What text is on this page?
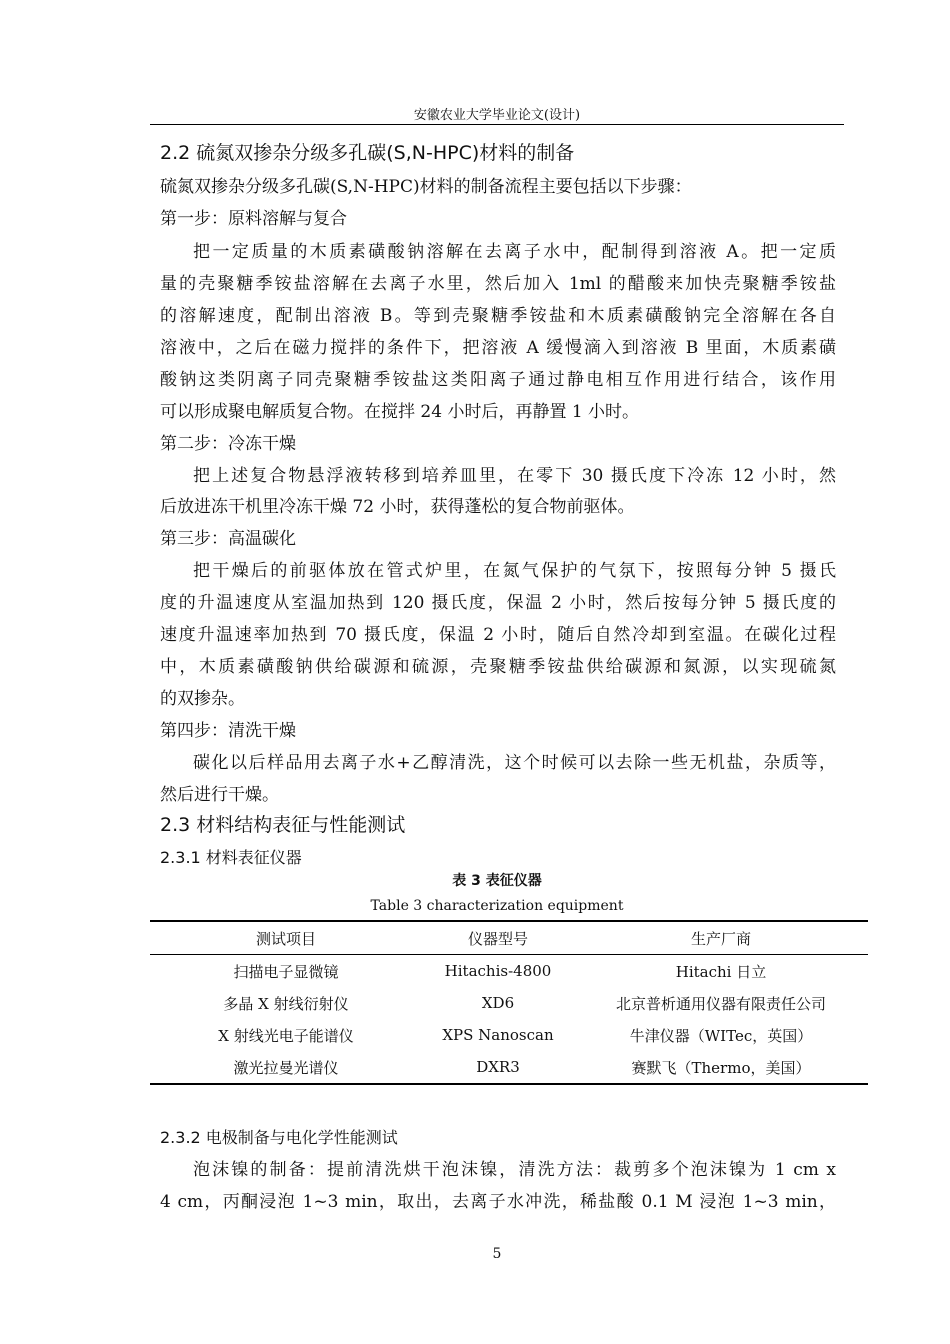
安徽农业大学毕业论文(设计)
2.2 硫氮双掺杂分级多孔碳(S,N-HPC)材料的制备
硫氮双掺杂分级多孔碳(S,N-HPC)材料的制备流程主要包括以下步骤：
第一步：原料溶解与复合
把一定质量的木质素磺酸钠溶解在去离子水中，配制得到溶液 A。把一定质
量的壳聚糖季铵盐溶解在去离子水里，然后加入 1ml 的醋酸来加快壳聚糖季铵盐
的溶解速度，配制出溶液 B。等到壳聚糖季铵盐和木质素磺酸钠完全溶解在各自
溶液中，之后在磁力搅拌的条件下，把溶液 A 缓慢滴入到溶液 B 里面，木质素磺
酸钠这类阴离子同壳聚糖季铵盐这类阳离子通过静电相互作用进行结合，该作用
可以形成聚电解质复合物。在搅拌 24 小时后，再静置 1 小时。
第二步：冷冻干燥
把上述复合物悬浮液转移到培养皿里，在零下 30 摄氏度下冷冻 12 小时，然
后放进冻干机里冷冻干燥 72 小时，获得蓬松的复合物前驱体。
第三步：高温碳化
把干燥后的前驱体放在管式炉里，在氮气保护的气氛下，按照每分钟 5 摄氏
度的升温速度从室温加热到 120 摄氏度，保温 2 小时，然后按每分钟 5 摄氏度的
速度升温速率加热到 70 摄氏度，保温 2 小时，随后自然冷却到室温。在碳化过程
中，木质素磺酸钠供给碳源和硫源，壳聚糖季铵盐供给碳源和氮源，以实现硫氮
的双掺杂。
第四步：清洗干燥
碳化以后样品用去离子水+乙醇清洗，这个时候可以去除一些无机盐，杂质等，
然后进行干燥。
2.3 材料结构表征与性能测试
2.3.1 材料表征仪器
表 3 表征仪器
Table 3 characterization equipment
测试项目	仪器型号	生产厂商
扫描电子显微镜	Hitachis-4800	Hitachi 日立
多晶 X 射线衍射仪	XD6	北京普析通用仪器有限责任公司
X 射线光电子能谱仪	XPS Nanoscan	牛津仪器（WITec，英国）
激光拉曼光谱仪	DXR3	赛默飞（Thermo，美国）
2.3.2 电极制备与电化学性能测试
泡沫镍的制备：提前清洗烘干泡沫镍，清洗方法：裁剪多个泡沫镍为 1 cm x
4 cm，丙酮浸泡 1~3 min，取出，去离子水冲洗，稀盐酸 0.1 M 浸泡 1~3 min，
5
